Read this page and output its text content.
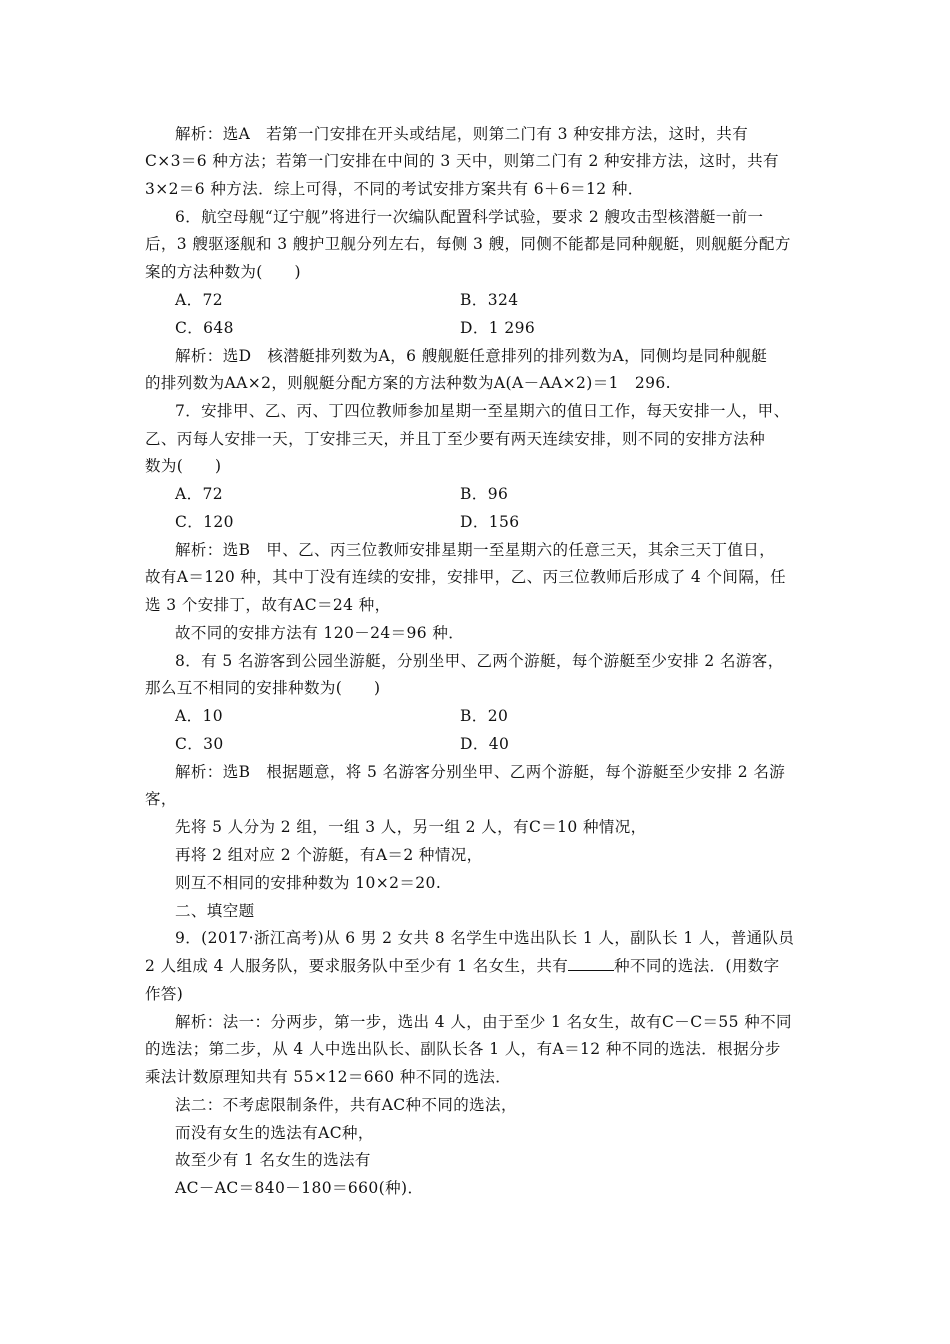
解析：选A　若第一门安排在开头或结尾，则第二门有 3 种安排方法，这时，共有
C×3＝6 种方法；若第一门安排在中间的 3 天中，则第二门有 2 种安排方法，这时，共有
3×2＝6 种方法．综上可得，不同的考试安排方案共有 6＋6＝12 种．
6．航空母舰“辽宁舰”将进行一次编队配置科学试验，要求 2 艘攻击型核潜艇一前一
后，3 艘驱逐舰和 3 艘护卫舰分列左右，每侧 3 艘，同侧不能都是同种舰艇，则舰艇分配方
案的方法种数为(　　)
A．72	B．324
C．648	D．1 296
解析：选D　核潜艇排列数为A，6 艘舰艇任意排列的排列数为A，同侧均是同种舰艇
的排列数为AA×2，则舰艇分配方案的方法种数为A(A－AA×2)＝1　296.
7．安排甲、乙、丙、丁四位教师参加星期一至星期六的值日工作，每天安排一人，甲、
乙、丙每人安排一天，丁安排三天，并且丁至少要有两天连续安排，则不同的安排方法种
数为(　　)
A．72	B．96
C．120	D．156
解析：选B　甲、乙、丙三位教师安排星期一至星期六的任意三天，其余三天丁值日，
故有A＝120 种，其中丁没有连续的安排，安排甲，乙、丙三位教师后形成了 4 个间隔，任
选 3 个安排丁，故有AC＝24 种，
故不同的安排方法有 120－24＝96 种．
8．有 5 名游客到公园坐游艇，分别坐甲、乙两个游艇，每个游艇至少安排 2 名游客，
那么互不相同的安排种数为(　　)
A．10	B．20
C．30	D．40
解析：选B　根据题意，将 5 名游客分别坐甲、乙两个游艇，每个游艇至少安排 2 名游
客，
先将 5 人分为 2 组，一组 3 人，另一组 2 人，有C＝10 种情况，
再将 2 组对应 2 个游艇，有A＝2 种情况，
则互不相同的安排种数为 10×2＝20.
二、填空题
9．(2017·浙江高考)从 6 男 2 女共 8 名学生中选出队长 1 人，副队长 1 人，普通队员
2 人组成 4 人服务队，要求服务队中至少有 1 名女生，共有	种不同的选法．(用数字
作答)
解析：法一：分两步，第一步，选出 4 人，由于至少 1 名女生，故有C－C＝55 种不同
的选法；第二步，从 4 人中选出队长、副队长各 1 人，有A＝12 种不同的选法．根据分步
乘法计数原理知共有 55×12＝660 种不同的选法．
法二：不考虑限制条件，共有AC种不同的选法，
而没有女生的选法有AC种，
故至少有 1 名女生的选法有
AC－AC＝840－180＝660(种)．
